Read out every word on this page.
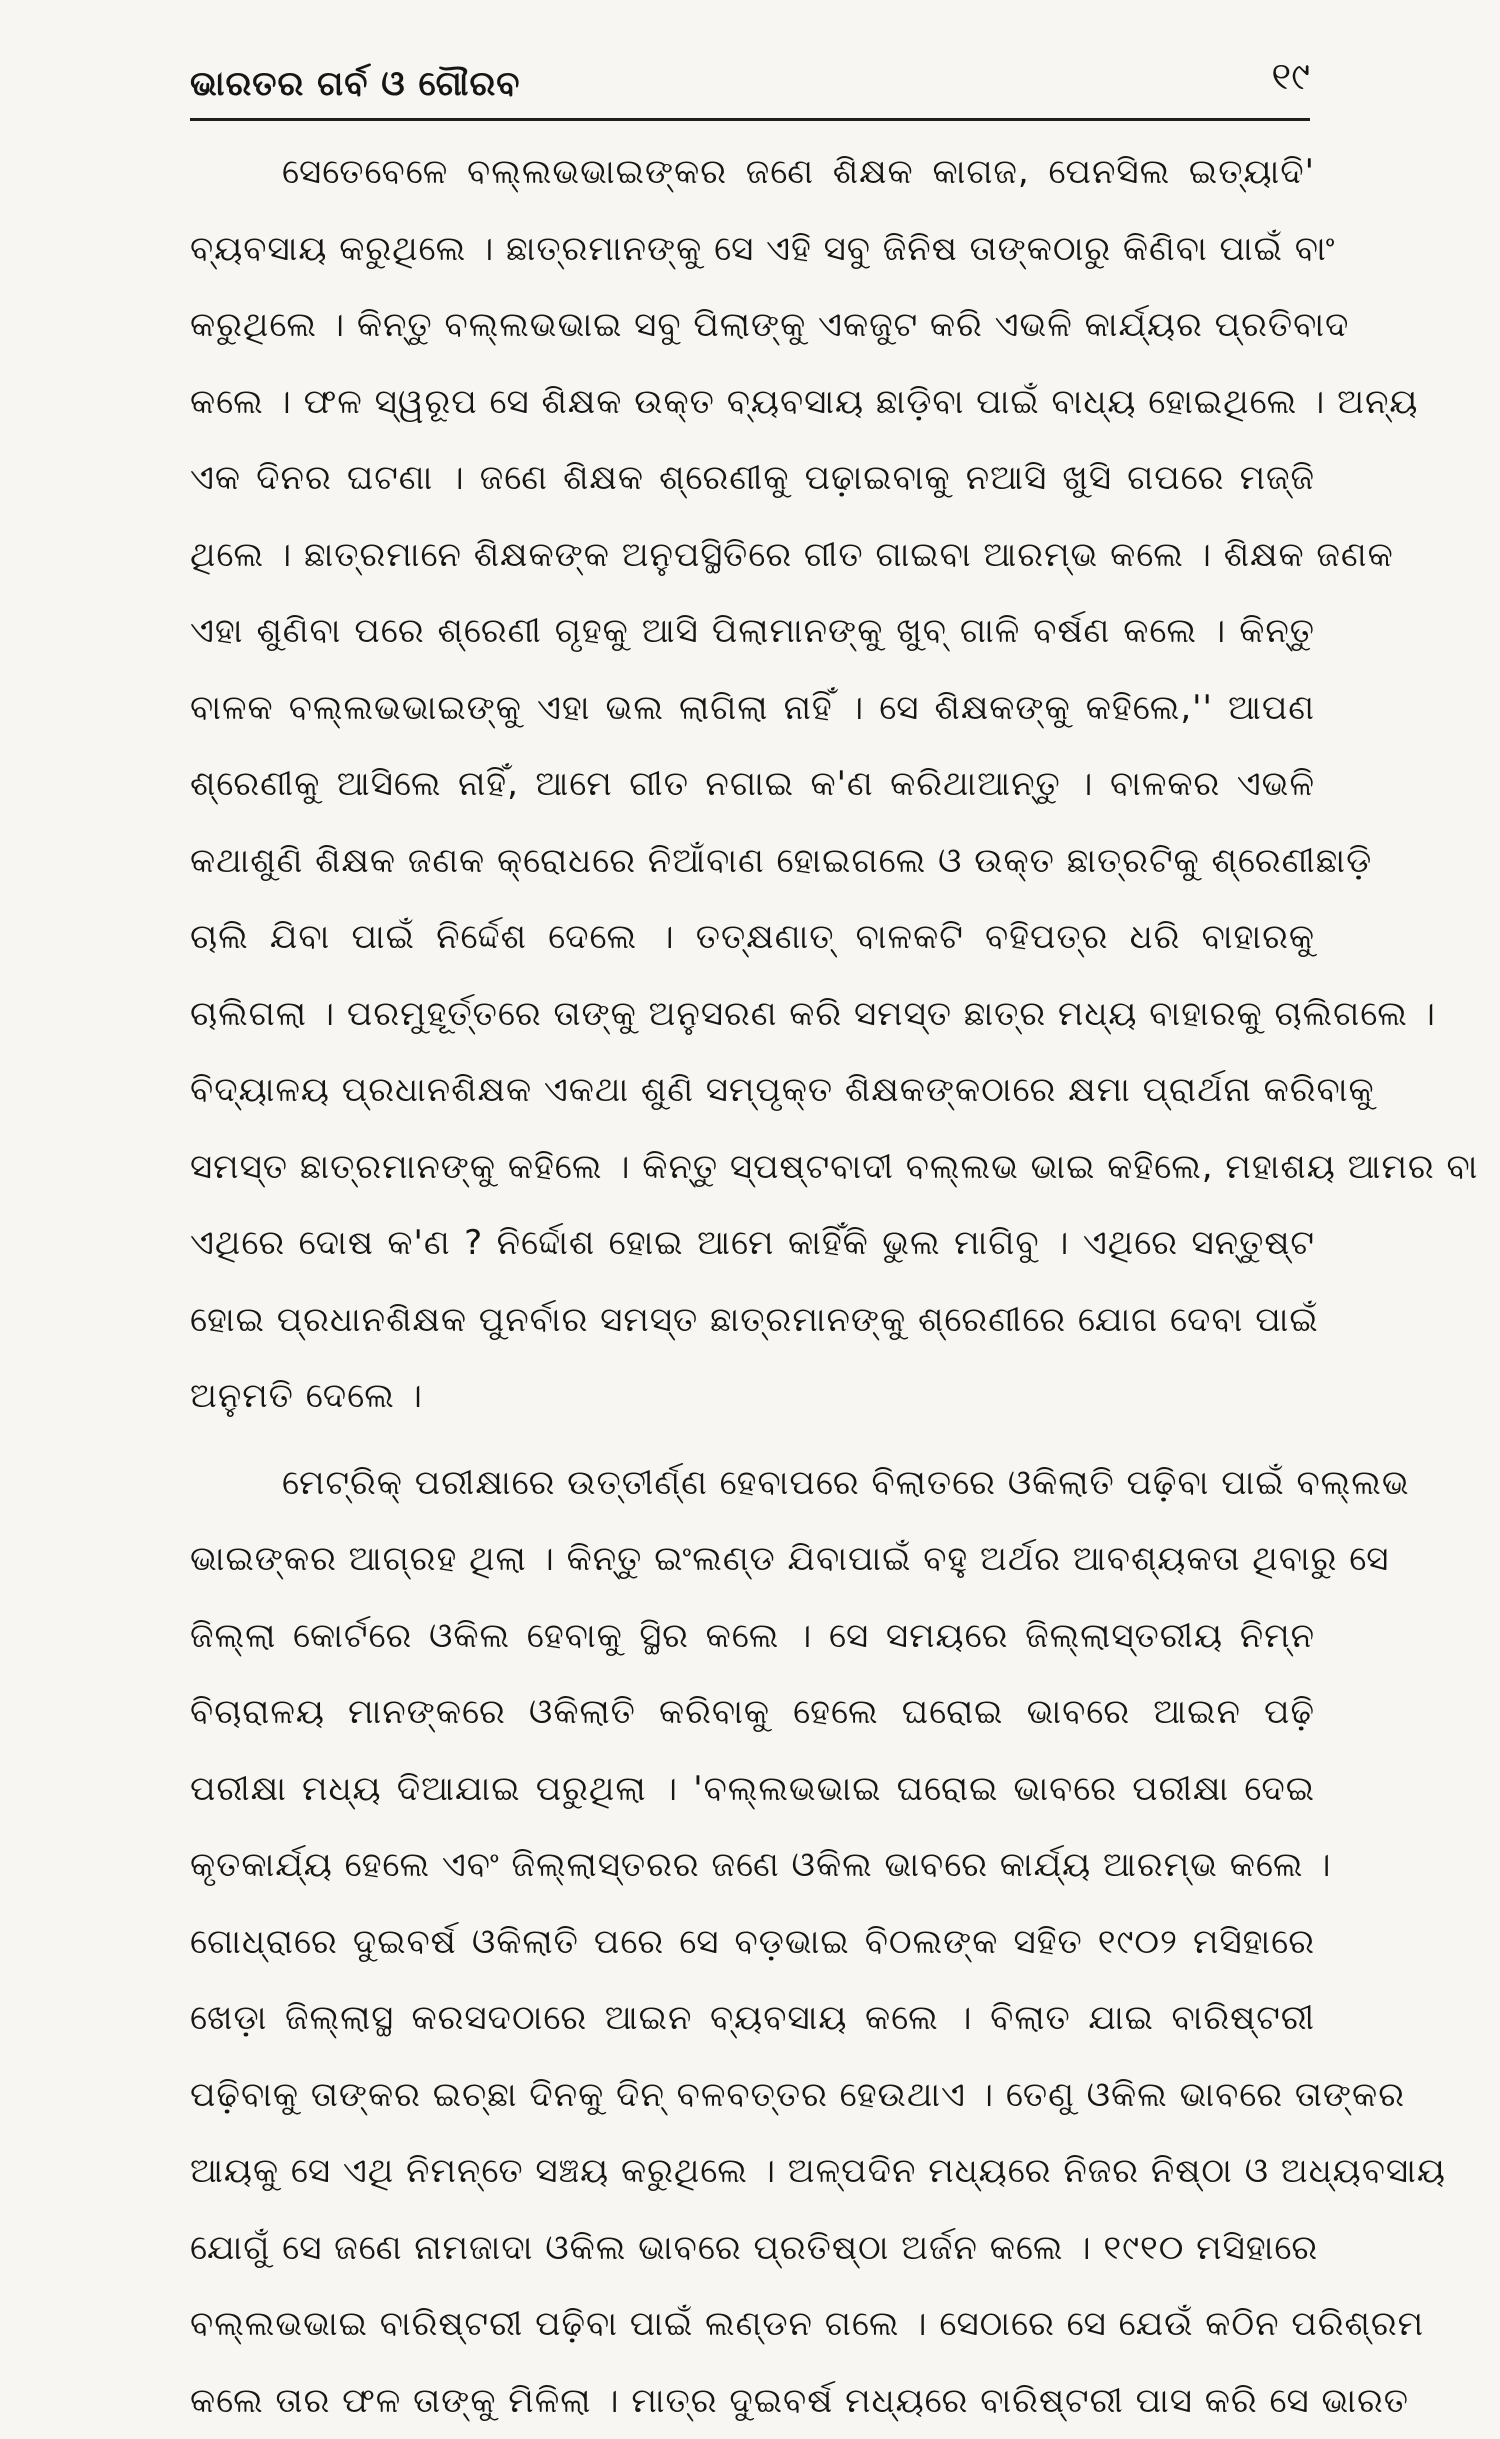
ଭାରତର ଗର୍ବ ଓ ଗୌରବ	୧୯
ସେତେବେଳେ ବଲ୍ଲଭଭାଇଙ୍କର ଜଣେ ଶିକ୍ଷକ କାଗଜ, ପେନସିଲ ଇତ୍ୟାଦି'
ବ୍ୟବସାୟ କରୁଥିଲେ । ଛାତ୍ରମାନଙ୍କୁ ସେ ଏହି ସବୁ ଜିନିଷ ତାଙ୍କଠାରୁ କିଣିବା ପାଇଁ ବାଂ
କରୁଥିଲେ । କିନ୍ତୁ ବଲ୍ଲଭଭାଇ ସବୁ ପିଲାଙ୍କୁ ଏକଜୁଟ କରି ଏଭଳି କାର୍ଯ୍ୟର ପ୍ରତିବାଦ
କଲେ । ଫଳ ସ୍ୱରୂପ ସେ ଶିକ୍ଷକ ଉକ୍ତ ବ୍ୟବସାୟ ଛାଡ଼ିବା ପାଇଁ ବାଧ୍ୟ ହୋଇଥିଲେ । ଅନ୍ୟ
ଏକ ଦିନର ଘଟଣା । ଜଣେ ଶିକ୍ଷକ ଶ୍ରେଣୀକୁ ପଢ଼ାଇବାକୁ ନଆସି ଖୁସି ଗପରେ ମଜ୍ଜି
ଥିଲେ । ଛାତ୍ରମାନେ ଶିକ୍ଷକଙ୍କ ଅନୁପସ୍ଥିତିରେ ଗୀତ ଗାଇବା ଆରମ୍ଭ କଲେ । ଶିକ୍ଷକ ଜଣକ
ଏହା ଶୁଣିବା ପରେ ଶ୍ରେଣୀ ଗୃହକୁ ଆସି ପିଲାମାନଙ୍କୁ ଖୁବ୍ ଗାଳି ବର୍ଷଣ କଲେ । କିନ୍ତୁ
ବାଳକ ବଲ୍ଲଭଭାଇଙ୍କୁ ଏହା ଭଲ ଲାଗିଲା ନାହିଁ । ସେ ଶିକ୍ଷକଙ୍କୁ କହିଲେ,'' ଆପଣ
ଶ୍ରେଣୀକୁ ଆସିଲେ ନାହିଁ, ଆମେ ଗୀତ ନଗାଇ କ'ଣ କରିଥାଆନ୍ତୁ । ବାଳକର ଏଭଳି
କଥାଶୁଣି ଶିକ୍ଷକ ଜଣକ କ୍ରୋଧରେ ନିଆଁବାଣ ହୋଇଗଲେ ଓ ଉକ୍ତ ଛାତ୍ରଟିକୁ ଶ୍ରେଣୀଛାଡ଼ି
ଚାଲି ଯିବା ପାଇଁ ନିର୍ଦ୍ଦେଶ ଦେଲେ । ତତ୍‌କ୍ଷଣାତ୍ ବାଳକଟି ବହିପତ୍ର ଧରି ବାହାରକୁ
ଚାଲିଗଲା । ପରମୁହୂର୍ତ୍ତରେ ତାଙ୍କୁ ଅନୁସରଣ କରି ସମସ୍ତ ଛାତ୍ର ମଧ୍ୟ ବାହାରକୁ ଚାଲିଗଲେ ।
ବିଦ୍ୟାଳୟ ପ୍ରଧାନଶିକ୍ଷକ ଏକଥା ଶୁଣି ସମ୍ପୃକ୍ତ ଶିକ୍ଷକଙ୍କଠାରେ କ୍ଷମା ପ୍ରାର୍ଥନା କରିବାକୁ
ସମସ୍ତ ଛାତ୍ରମାନଙ୍କୁ କହିଲେ । କିନ୍ତୁ ସ୍ପଷ୍ଟବାଦୀ ବଲ୍ଲଭ ଭାଇ କହିଲେ, ମହାଶୟ ଆମର ବା
ଏଥିରେ ଦୋଷ କ'ଣ ? ନିର୍ଦ୍ଦୋଶ ହୋଇ ଆମେ କାହିଁକି ଭୁଲ ମାଗିବୁ । ଏଥିରେ ସନ୍ତୁଷ୍ଟ
ହୋଇ ପ୍ରଧାନଶିକ୍ଷକ ପୁନର୍ବାର ସମସ୍ତ ଛାତ୍ରମାନଙ୍କୁ ଶ୍ରେଣୀରେ ଯୋଗ ଦେବା ପାଇଁ
ଅନୁମତି ଦେଲେ ।
ମେଟ୍ରିକ୍ ପରୀକ୍ଷାରେ ଉତ୍ତୀର୍ଣ୍ଣ ହେବାପରେ ବିଲାତରେ ଓକିଲାତି ପଢ଼ିବା ପାଇଁ ବଲ୍ଲଭ
ଭାଇଙ୍କର ଆଗ୍ରହ ଥିଲା । କିନ୍ତୁ ଇଂଲଣ୍ଡ ଯିବାପାଇଁ ବହୁ ଅର୍ଥର ଆବଶ୍ୟକତା ଥିବାରୁ ସେ
ଜିଲ୍ଲା କୋର୍ଟରେ ଓକିଲ ହେବାକୁ ସ୍ଥିର କଲେ । ସେ ସମୟରେ ଜିଲ୍ଲାସ୍ତରୀୟ ନିମ୍ନ
ବିଚାରାଳୟ ମାନଙ୍କରେ ଓକିଲାତି କରିବାକୁ ହେଲେ ଘରୋଇ ଭାବରେ ଆଇନ ପଢ଼ି
ପରୀକ୍ଷା ମଧ୍ୟ ଦିଆଯାଇ ପରୁଥିଲା । 'ବଲ୍ଲଭଭାଇ ଘରୋଇ ଭାବରେ ପରୀକ୍ଷା ଦେଇ
କୃତକାର୍ଯ୍ୟ ହେଲେ ଏବଂ ଜିଲ୍ଲାସ୍ତରର ଜଣେ ଓକିଲ ଭାବରେ କାର୍ଯ୍ୟ ଆରମ୍ଭ କଲେ ।
ଗୋଧ୍ରାରେ ଦୁଇବର୍ଷ ଓକିଲାତି ପରେ ସେ ବଡ଼ଭାଇ ବିଠଲଙ୍କ ସହିତ ୧୯୦୨ ମସିହାରେ
ଖେଡ଼ା ଜିଲ୍ଲାସ୍ଥ କରସଦଠାରେ ଆଇନ ବ୍ୟବସାୟ କଲେ । ବିଲାତ ଯାଇ ବାରିଷ୍ଟରୀ
ପଢ଼ିବାକୁ ତାଙ୍କର ଇଚ୍ଛା ଦିନକୁ ଦିନ୍ ବଳବତ୍ତର ହେଉଥାଏ । ତେଣୁ ଓକିଲ ଭାବରେ ତାଙ୍କର
ଆୟକୁ ସେ ଏଥି ନିମନ୍ତେ ସଞ୍ଚୟ କରୁଥିଲେ । ଅଳ୍ପଦିନ ମଧ୍ୟରେ ନିଜର ନିଷ୍ଠା ଓ ଅଧ୍ୟବସାୟ
ଯୋଗୁଁ ସେ ଜଣେ ନାମଜାଦା ଓକିଲ ଭାବରେ ପ୍ରତିଷ୍ଠା ଅର୍ଜନ କଲେ । ୧୯୧୦ ମସିହାରେ
ବଲ୍ଲଭଭାଇ ବାରିଷ୍ଟରୀ ପଢ଼ିବା ପାଇଁ ଲଣ୍ଡନ ଗଲେ । ସେଠାରେ ସେ ଯେଉଁ କଠିନ ପରିଶ୍ରମ
କଲେ ତାର ଫଳ ତାଙ୍କୁ ମିଳିଲା । ମାତ୍ର ଦୁଇବର୍ଷ ମଧ୍ୟରେ ବାରିଷ୍ଟରୀ ପାସ କରି ସେ ଭାରତ
